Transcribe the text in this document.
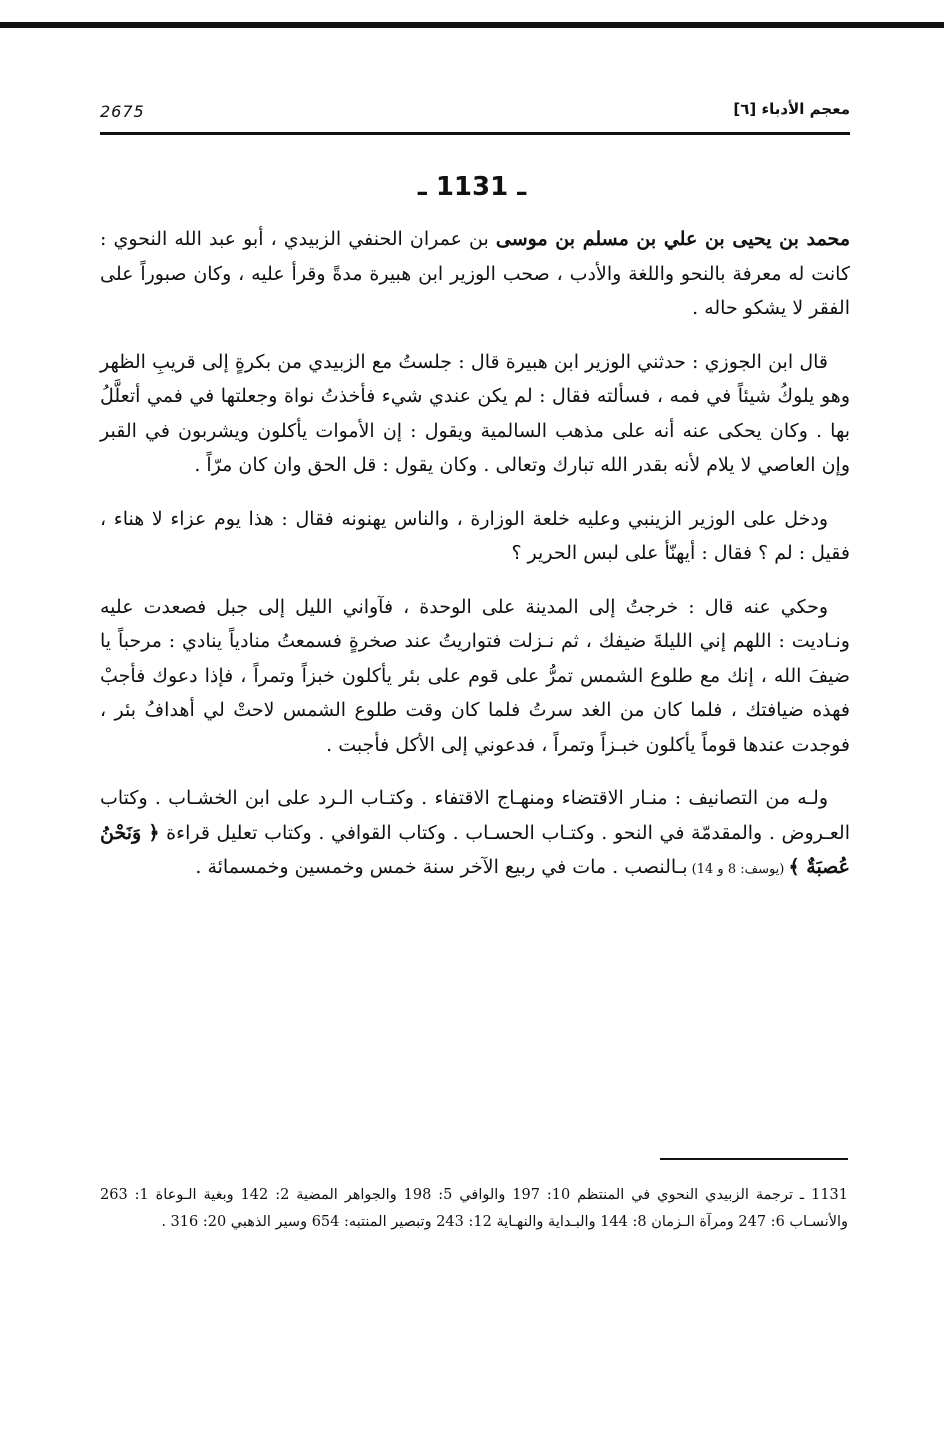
2675	معجم الأدباء [٦]
ـ 1131 ـ

محمد بن يحيى بن علي بن مسلم بن موسى بن عمران الحنفي الزبيدي ، أبو عبد الله النحوي : كانت له معرفة بالنحو واللغة والأدب ، صحب الوزير ابن هبيرة مدةً وقرأ عليه ، وكان صبوراً على الفقر لا يشكو حاله .

قال ابن الجوزي : حدثني الوزير ابن هبيرة قال : جلستُ مع الزبيدي من بكرةٍ إلى قريبِ الظهر وهو يلوكُ شيئاً في فمه ، فسألته فقال : لم يكن عندي شيء فأخذتُ نواة وجعلتها في فمي أتعلَّلُ بها . وكان يحكى عنه أنه على مذهب السالمية ويقول : إن الأموات يأكلون ويشربون في القبر وإن العاصي لا يلام لأنه بقدر الله تبارك وتعالى . وكان يقول : قل الحق وان كان مرّاً .

ودخل على الوزير الزينبي وعليه خلعة الوزارة ، والناس يهنونه فقال : هذا يوم عزاء لا هناء ، فقيل : لم ؟ فقال : أيهنّأ على لبس الحرير ؟

وحكي عنه قال : خرجتُ إلى المدينة على الوحدة ، فآواني الليل إلى جبل فصعدت عليه ونـاديت : اللهم إني الليلةَ ضيفك ، ثم نـزلت فتواريتُ عند صخرةٍ فسمعتُ منادياً ينادي : مرحباً يا ضيفَ الله ، إنك مع طلوع الشمس تمرُّ على قوم على بئر يأكلون خبزاً وتمراً ، فإذا دعوك فأجبْ فهذه ضيافتك ، فلما كان من الغد سرتُ فلما كان وقت طلوع الشمس لاحتْ لي أهدافُ بئر ، فوجدت عندها قوماً يأكلون خبـزاً وتمراً ، فدعوني إلى الأكل فأجبت .

ولـه من التصانيف : منـار الاقتضاء ومنهـاج الاقتفاء . وكتـاب الـرد على ابن الخشـاب . وكتاب العـروض . والمقدمّة في النحو . وكتـاب الحسـاب . وكتاب القوافي . وكتاب تعليل قراءة ﴿ وَنَحْنُ عُصبَةٌ ﴾ (يوسف: 8 و 14) بـالنصب . مات في ربيع الآخر سنة خمس وخمسين وخمسمائة .

1131 ـ ترجمة الزبيدي النحوي في المنتظم 10: 197 والوافي 5: 198 والجواهر المضية 2: 142 وبغية الـوعاة 1: 263 والأنسـاب 6: 247 ومرآة الـزمان 8: 144 والبـداية والنهـاية 12: 243 وتبصير المنتبه: 654 وسير الذهبي 20: 316 .
